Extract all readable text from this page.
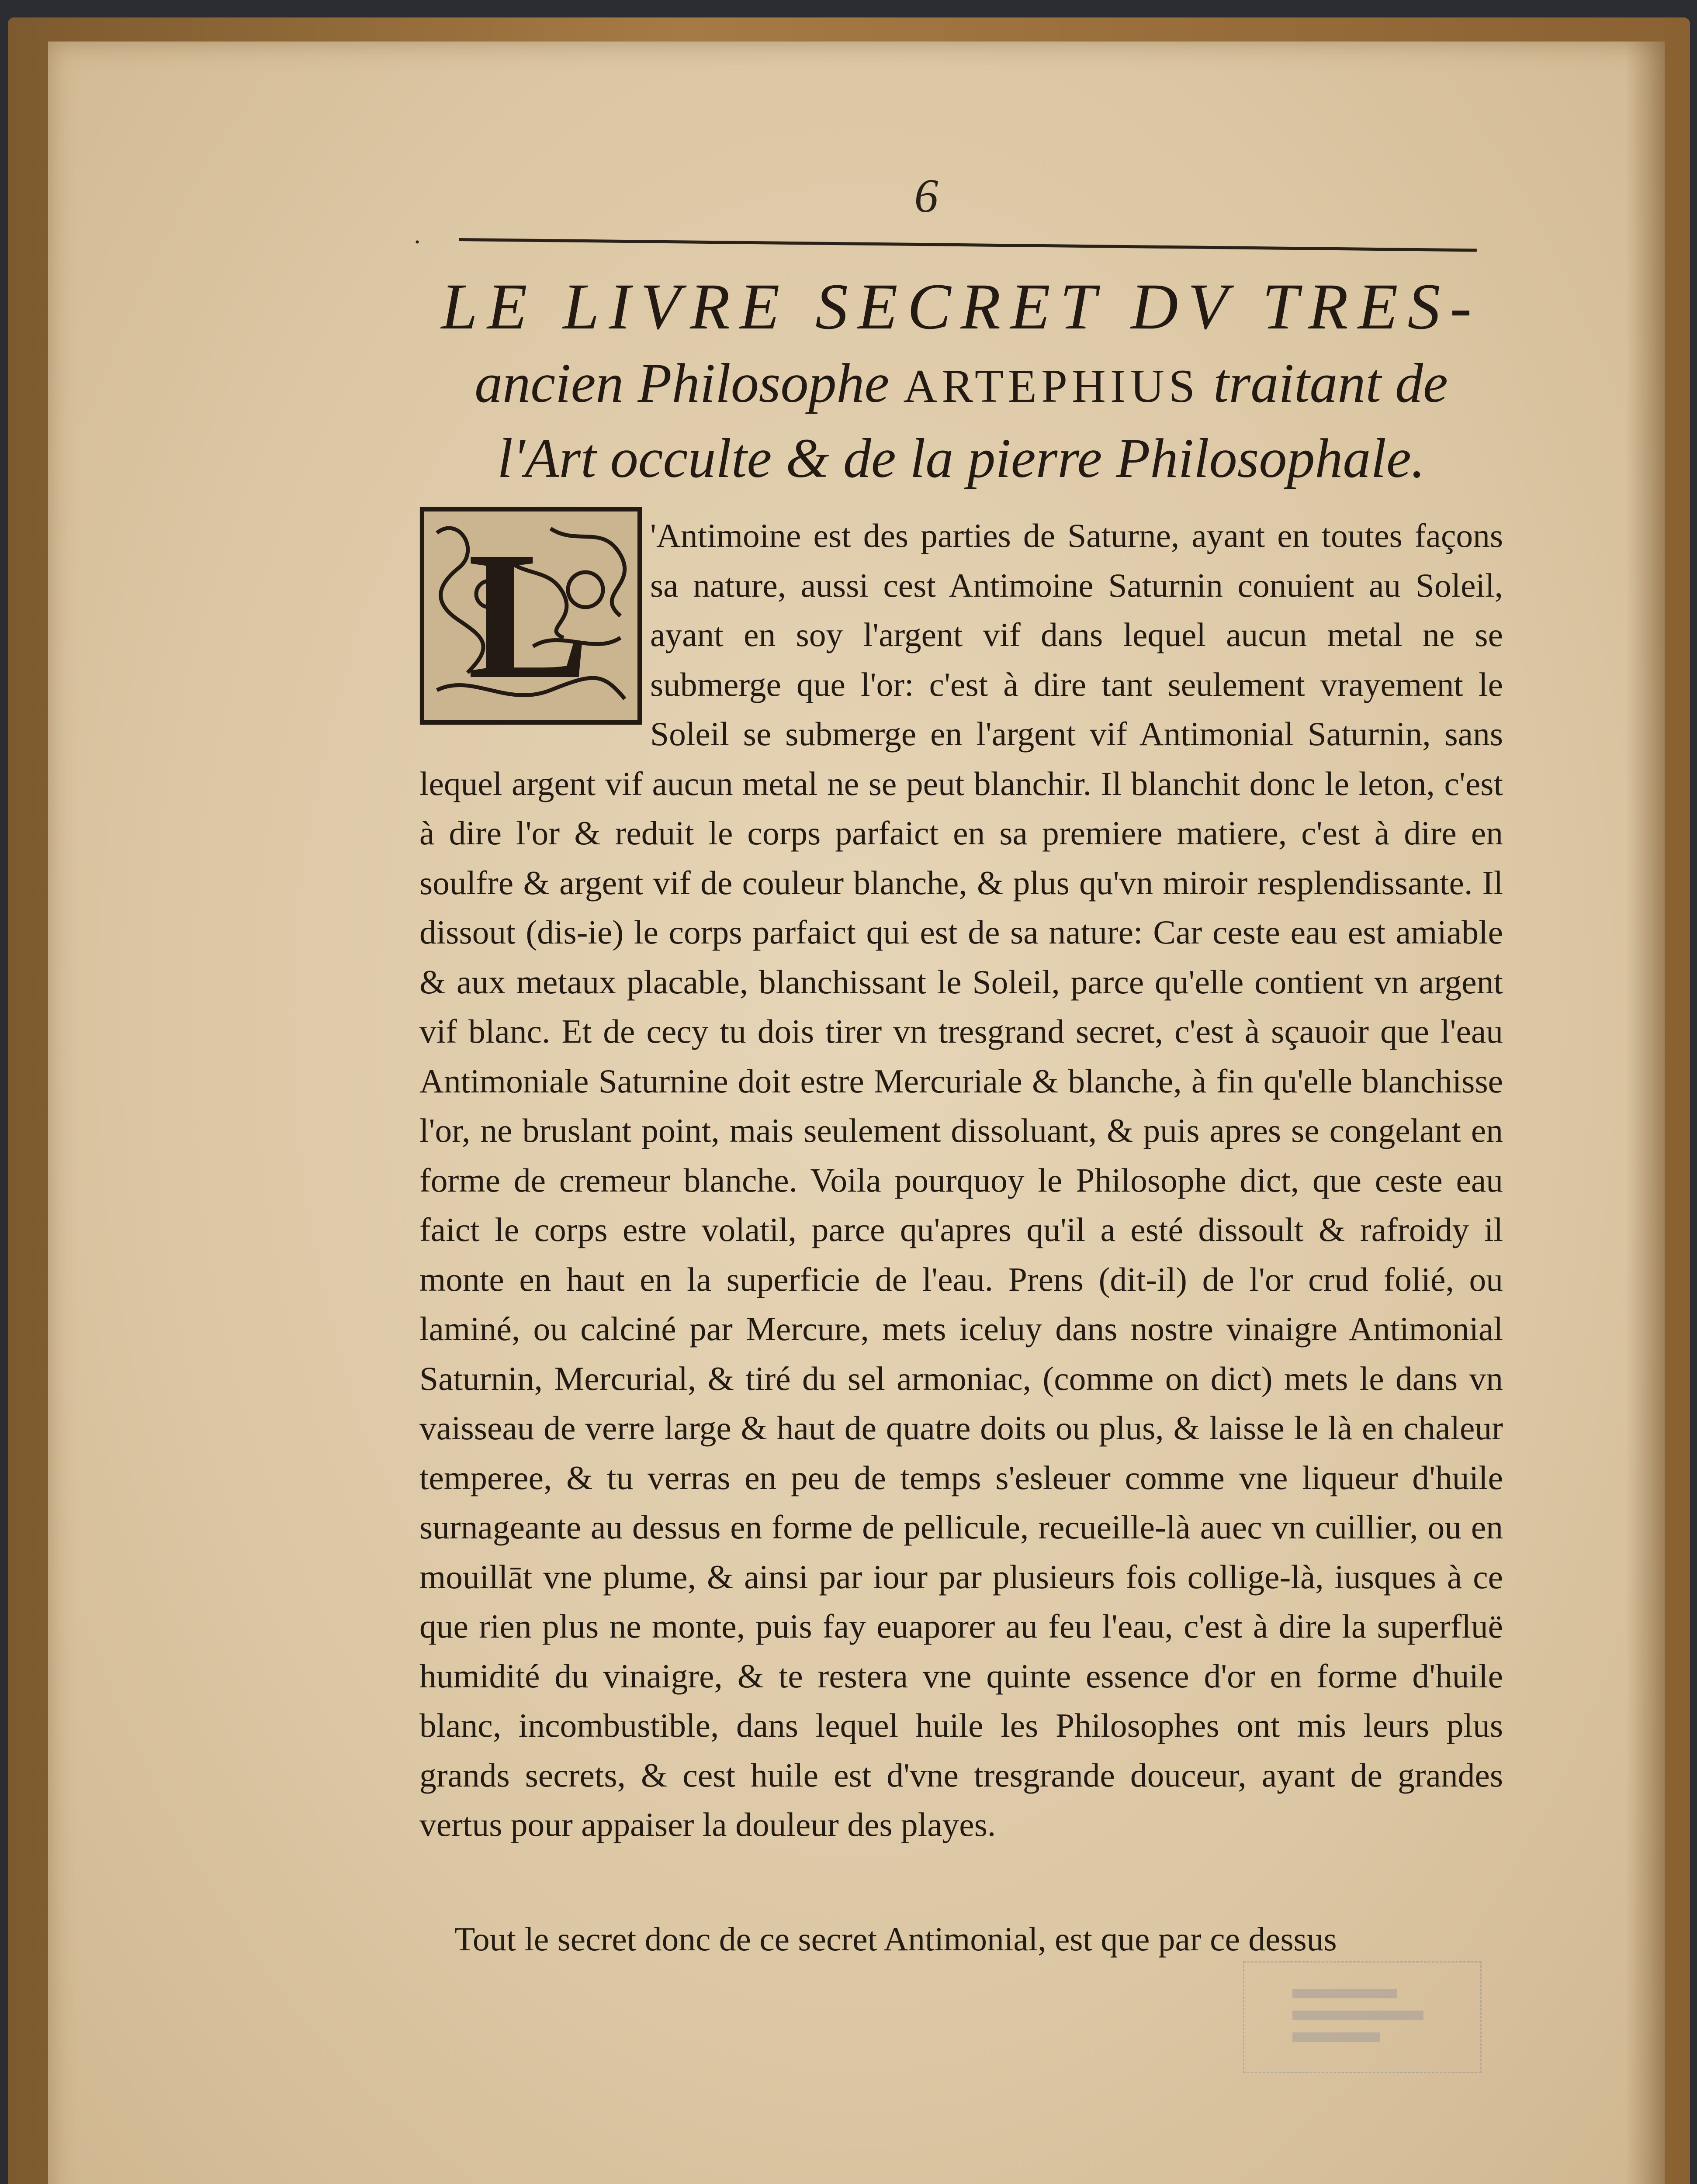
·
6
LE LIVRE SECRET DV TRES-
ancien Philosophe ARTEPHIUS traitant de
l'Art occulte & de la pierre Philosophale.
L	'Antimoine est des parties de Saturne, ayant en toutes façons sa nature, aussi cest Antimoine Saturnin conuient au Soleil, ayant en soy l'argent vif dans lequel aucun metal ne se submerge que l'or: c'est à dire tant seulement vrayement le Soleil se submerge en l'argent vif Antimonial Saturnin, sans lequel argent vif aucun metal ne se peut blanchir. Il blanchit donc le leton, c'est à dire l'or & reduit le corps parfaict en sa premiere matiere, c'est à dire en soulfre & argent vif de couleur blanche, & plus qu'vn miroir resplendissante. Il dissout (dis-ie) le corps parfaict qui est de sa nature: Car ceste eau est amiable & aux metaux placable, blanchissant le Soleil, parce qu'elle contient vn argent vif blanc. Et de cecy tu dois tirer vn tresgrand secret, c'est à sçauoir que l'eau Antimoniale Saturnine doit estre Mercuriale & blanche, à fin qu'elle blanchisse l'or, ne bruslant point, mais seulement dissoluant, & puis apres se congelant en forme de cremeur blanche. Voila pourquoy le Philosophe dict, que ceste eau faict le corps estre volatil, parce qu'apres qu'il a esté dissoult & rafroidy il monte en haut en la superficie de l'eau. Prens (dit-il) de l'or crud folié, ou laminé, ou calciné par Mercure, mets iceluy dans nostre vinaigre Antimonial Saturnin, Mercurial, & tiré du sel armoniac, (comme on dict) mets le dans vn vaisseau de verre large & haut de quatre doits ou plus, & laisse le là en chaleur temperee, & tu verras en peu de temps s'esleuer comme vne liqueur d'huile surnageante au dessus en forme de pellicule, recueille-là auec vn cuillier, ou en mouillāt vne plume, & ainsi par iour par plusieurs fois collige-là, iusques à ce que rien plus ne monte, puis fay euaporer au feu l'eau, c'est à dire la superfluë humidité du vinaigre, & te restera vne quinte essence d'or en forme d'huile blanc, incombustible, dans lequel huile les Philosophes ont mis leurs plus grands secrets, & cest huile est d'vne tresgrande douceur, ayant de grandes vertus pour appaiser la douleur des playes.

Tout le secret donc de ce secret Antimonial, est que par ce dessus
